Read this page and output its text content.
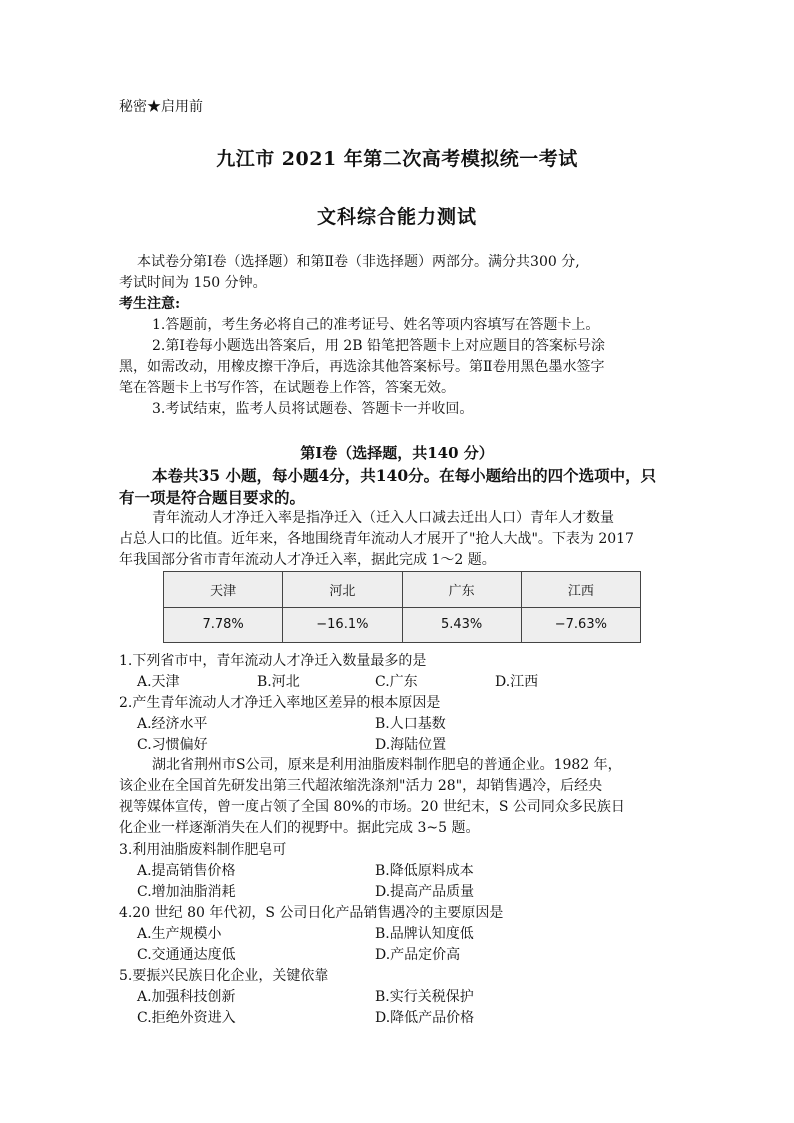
秘密★启用前
九江市 2021 年第二次高考模拟统一考试
文科综合能力测试
本试卷分第Ⅰ卷（选择题）和第Ⅱ卷（非选择题）两部分。满分共300 分,
考试时间为 150 分钟。
考生注意:
1.答题前，考生务必将自己的准考证号、姓名等项内容填写在答题卡上。
2.第Ⅰ卷每小题选出答案后，用 2B 铅笔把答题卡上对应题目的答案标号涂
黑，如需改动，用橡皮擦干净后，再选涂其他答案标号。第Ⅱ卷用黑色墨水签字
笔在答题卡上书写作答，在试题卷上作答，答案无效。
3.考试结束，监考人员将试题卷、答题卡一并收回。
第Ⅰ卷（选择题，共140 分）
本卷共35 小题，每小题4分，共140分。在每小题给出的四个选项中，只
有一项是符合题目要求的。
青年流动人才净迁入率是指净迁入（迁入人口减去迁出人口）青年人才数量
占总人口的比值。近年来，各地围绕青年流动人才展开了"抢人大战"。下表为 2017
年我国部分省市青年流动人才净迁入率，据此完成 1～2 题。
天津	河北	广东	江西
7.78%	−16.1%	5.43%	−7.63%
1.下列省市中，青年流动人才净迁入数量最多的是
A.天津	B.河北	C.广东	D.江西
2.产生青年流动人才净迁入率地区差异的根本原因是
A.经济水平	B.人口基数
C.习惯偏好	D.海陆位置
湖北省荆州市S公司，原来是利用油脂废料制作肥皂的普通企业。1982 年，
该企业在全国首先研发出第三代超浓缩洗涤剂"活力 28"，却销售遇冷，后经央
视等媒体宣传，曾一度占领了全国 80%的市场。20 世纪末，S 公司同众多民族日
化企业一样逐渐消失在人们的视野中。据此完成 3~5 题。
3.利用油脂废料制作肥皂可
A.提高销售价格	B.降低原料成本
C.增加油脂消耗	D.提高产品质量
4.20 世纪 80 年代初，S 公司日化产品销售遇冷的主要原因是
A.生产规模小	B.品牌认知度低
C.交通通达度低	D.产品定价高
5.要振兴民族日化企业，关键依靠
A.加强科技创新	B.实行关税保护
C.拒绝外资进入	D.降低产品价格
